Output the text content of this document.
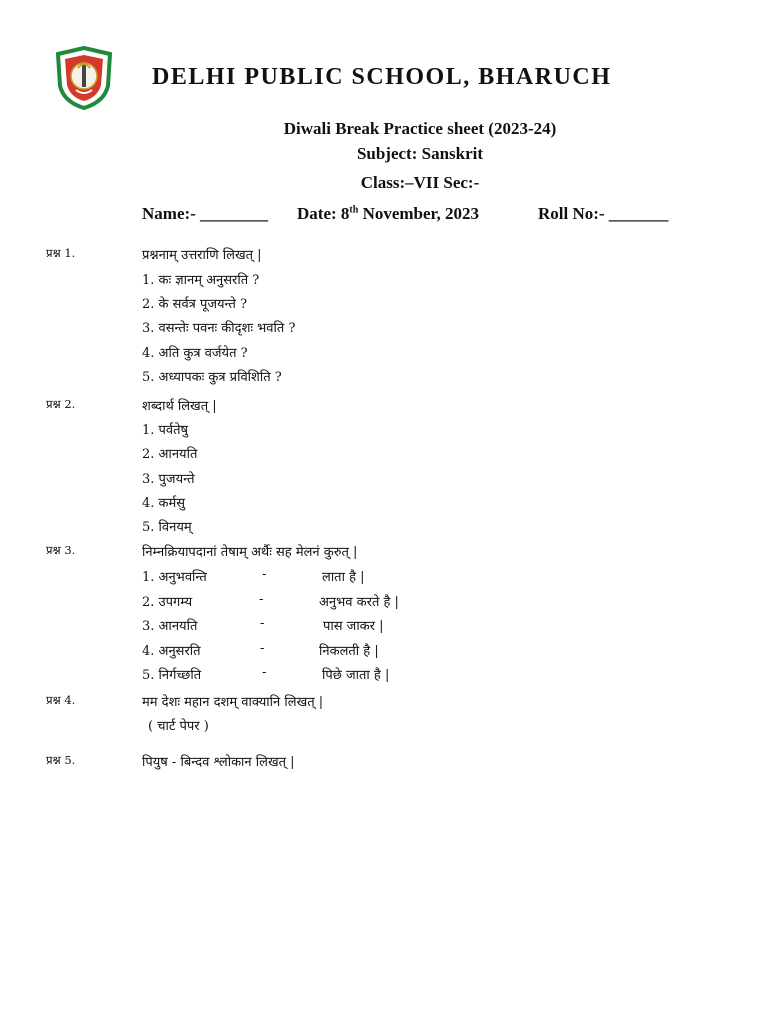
DELHI PUBLIC SCHOOL, BHARUCH
Diwali Break Practice sheet (2023-24)
Subject: Sanskrit
Class:–VII Sec:-
Name:- ________ Date: 8th November, 2023	Roll No:- _______
प्रश्न 1.	प्रश्ननाम् उत्तराणि लिखत् |
1. कः ज्ञानम् अनुसरति ?
2. के सर्वत्र पूजयन्ते ?
3. वसन्तेः पवनः कीदृशः भवति ?
4. अति कुत्र वर्जयेत ?
5. अध्यापकः कुत्र प्रविशिति ?
प्रश्न 2.	शब्दार्थ लिखत् |
1. पर्वतेषु
2. आनयति
3. पुजयन्ते
4. कर्मसु
5. विनयम्
प्रश्न 3.	निम्नक्रियापदानां तेषाम् अर्थैः सह मेलनं कुरुत् |
1. अनुभवन्ति	-	लाता है |
2. उपगम्य	-	अनुभव करते है |
3. आनयति	-	पास जाकर |
4. अनुसरति	-	निकलती है |
5. निर्गच्छति	-	पिछे जाता है |
प्रश्न 4.	मम देशः महान दशम् वाक्यानि लिखत् |
( चार्ट पेपर )
प्रश्न 5.	पियुष - बिन्दव श्लोकान लिखत् |
